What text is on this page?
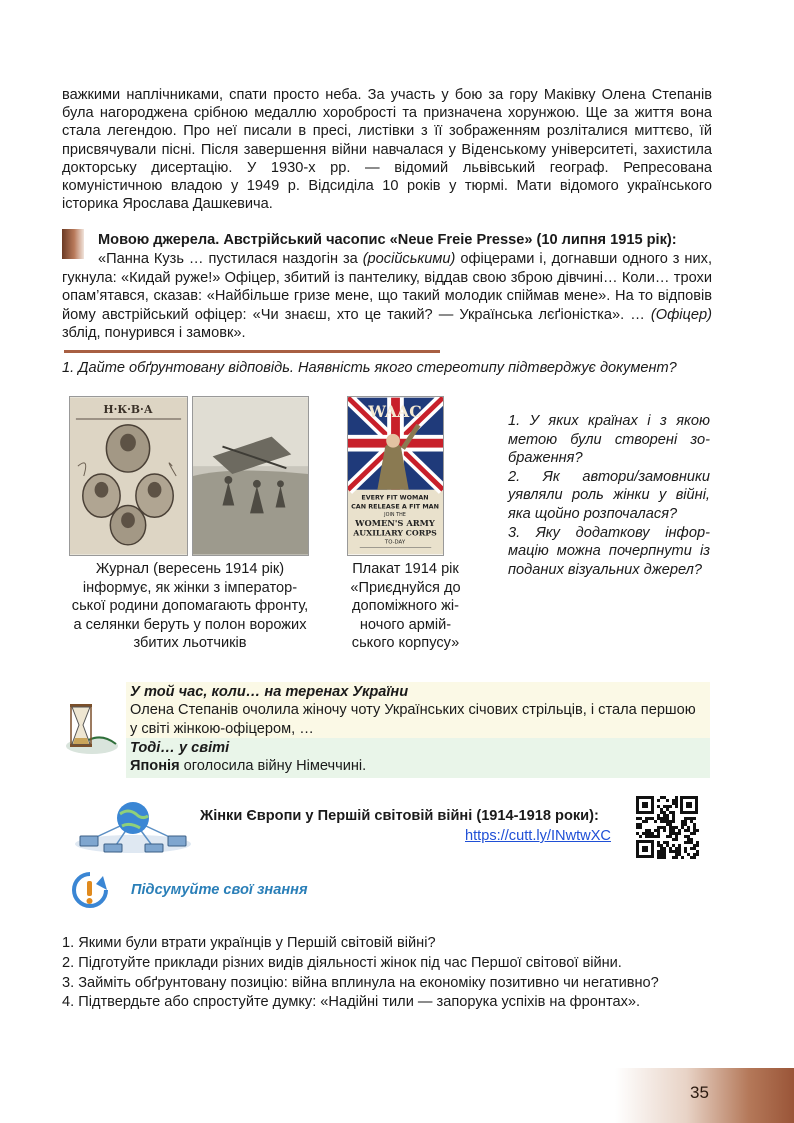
важкими наплічниками, спати просто неба. За участь у бою за гору Маківку Олена Степанів була нагороджена срібною медаллю хоробрості та призначена хорунжою. Ще за життя вона стала легендою. Про неї писали в пресі, листівки з її зображенням розліталися миттєво, їй присвячували пісні. Після завершення війни навчалася у Віденському університеті, захистила докторську дисертацію. У 1930-х рр. — відомий львівський географ. Репресована комуністичною владою у 1949 р. Відсиділа 10 років у тюрмі. Мати відомого українського історика Ярослава Дашкевича.

Мовою джерела. Австрійський часопис «Neue Freie Presse» (10 липня 1915 рік):

«Панна Кузь … пустилася наздогін за (російськими) офіцерами і, догнавши одного з них, гукнула: «Кидай руже!» Офіцер, збитий із пантелику, віддав свою зброю дівчині… Коли… трохи опам’ятався, сказав: «Найбільше гризе мене, що такий молодик спіймав мене». На то відповів йому австрійський офіцер: «Чи знаєш, хто це такий? — Українська лєґіоністка». … (Офіцер) зблід, понурився і замовк».

1. Дайте обґрунтовану відповідь. Наявність якого стереотипу підтверджує документ?
Н·К·В·А	WAAC
EVERY FIT WOMAN
CAN RELEASE A FIT MAN
JOIN THE
WOMEN'S ARMY
AUXILIARY CORPS
TO-DAY
Журнал (вересень 1914 рік) інформує, як жінки з імператор-ської родини допомагають фронту, а селянки беруть у полон ворожих збитих льотчиків
Плакат 1914 рік «Приєднуйся до допоміжного жі-ночого армій-ського корпусу»
1. У яких країнах і з якою метою були створені зо-браження?
2. Як автори/замовники уявляли роль жінки у війні, яка щойно розпочалася?
3. Яку додаткову інфор-мацію можна почерпнути із поданих візуальних джерел?
У той час, коли… на теренах України
Олена Степанів очолила жіночу чоту Українських січових стрільців, і стала першою у світі жінкою-офіцером, …
Тоді… у світі
Японія оголосила війну Німеччині.
Жінки Європи у Першій світовій війні (1914-1918 роки):
https://cutt.ly/INwtwXC
Підсумуйте свої знання
1. Якими були втрати українців у Першій світовій війні?
2. Підготуйте приклади різних видів діяльності жінок під час Першої світової війни.
3. Займіть обґрунтовану позицію: війна вплинула на економіку позитивно чи негативно?
4. Підтвердьте або спростуйте думку: «Надійні тили — запорука успіхів на фронтах».
35
